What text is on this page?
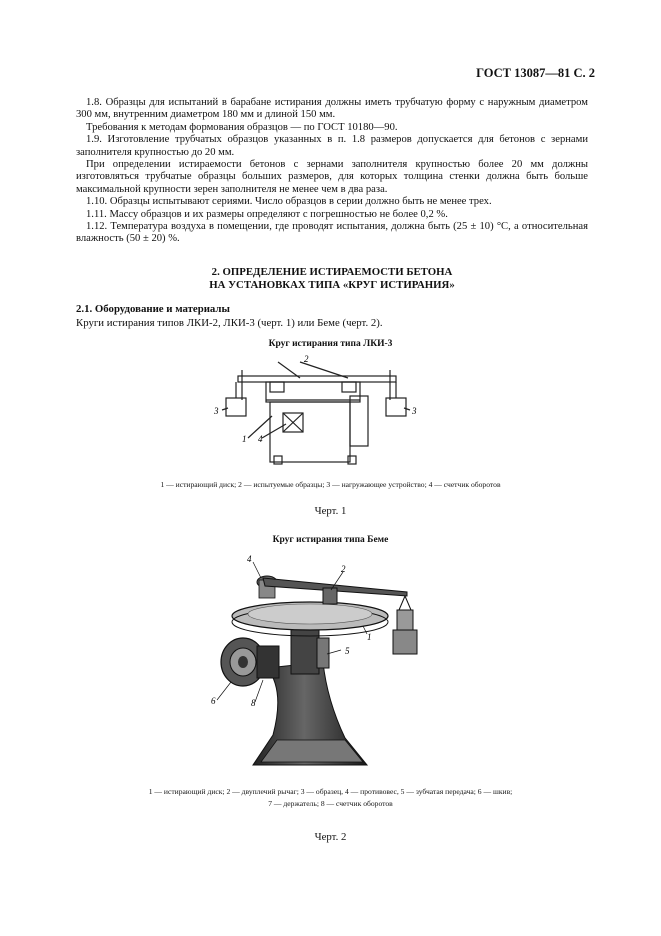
ГОСТ 13087—81 С. 2

1.8. Образцы для испытаний в барабане истирания должны иметь трубчатую форму с наружным диаметром 300 мм, внутренним диаметром 180 мм и длиной 150 мм.

Требования к методам формования образцов — по ГОСТ 10180—90.

1.9. Изготовление трубчатых образцов указанных в п. 1.8 размеров допускается для бетонов с зернами заполнителя крупностью до 20 мм.

При определении истираемости бетонов с зернами заполнителя крупностью более 20 мм должны изготовляться трубчатые образцы больших размеров, для которых толщина стенки должна быть больше максимальной крупности зерен заполнителя не менее чем в два раза.

1.10. Образцы испытывают сериями. Число образцов в серии должно быть не менее трех.

1.11. Массу образцов и их размеры определяют с погрешностью не более 0,2 %.

1.12. Температура воздуха в помещении, где проводят испытания, должна быть (25 ± 10) °С, а относительная влажность (50 ± 20) %.

2. ОПРЕДЕЛЕНИЕ ИСТИРАЕМОСТИ БЕТОНА
НА УСТАНОВКАХ ТИПА «КРУГ ИСТИРАНИЯ»
2.1. Оборудование и материалы
Круги истирания типов ЛКИ-2, ЛКИ-3 (черт. 1) или Беме (черт. 2).
Круг истирания типа ЛКИ-3
2
3	3
1 4
1 — истирающий диск; 2 — испытуемые образцы; 3 — нагружающее устройство; 4 — счетчик оборотов
Черт. 1
Круг истирания типа Беме
4
2
1
5
6	8
1 — истирающий диск; 2 — двуплечий рычаг; 3 — образец, 4 — противовес, 5 — зубчатая передача; 6 — шкив;
7 — держатель; 8 — счетчик оборотов
Черт. 2
